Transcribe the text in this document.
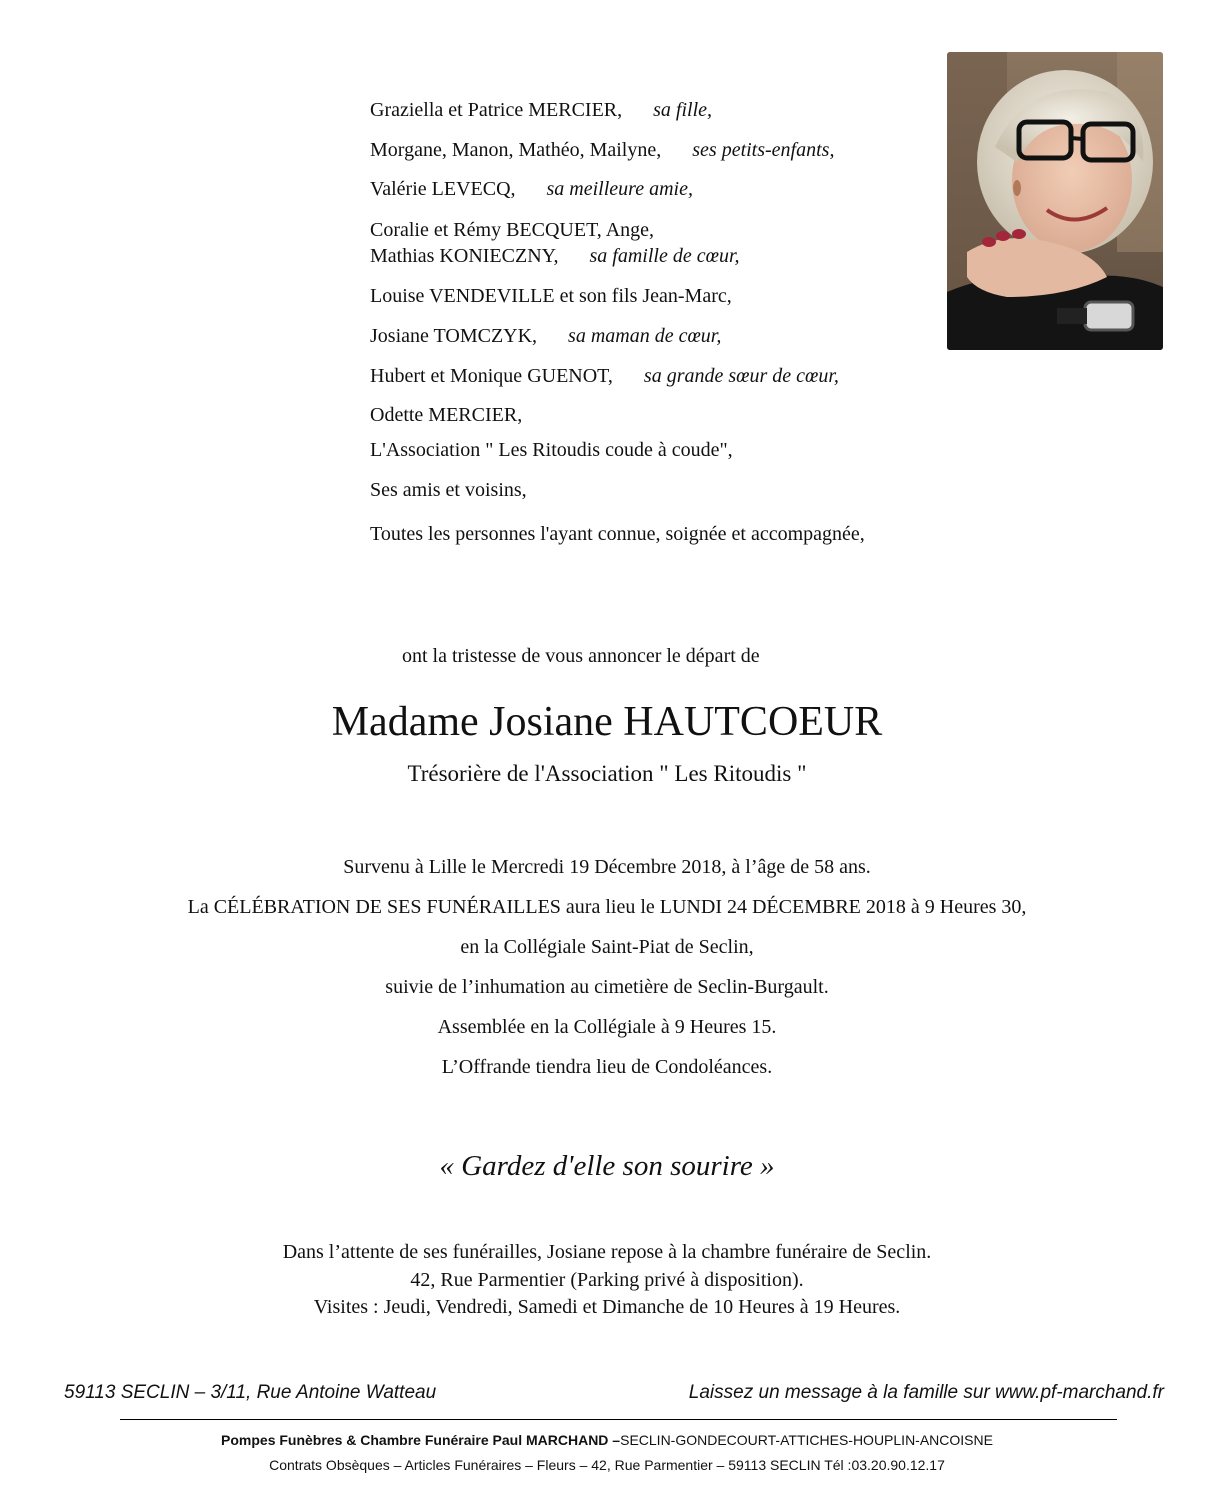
Graziella et Patrice MERCIER, sa fille,
Morgane, Manon, Mathéo, Mailyne, ses petits-enfants,
Valérie LEVECQ, sa meilleure amie,
Coralie et Rémy BECQUET, Ange,
Mathias KONIECZNY, sa famille de cœur,
Louise VENDEVILLE et son fils Jean-Marc,
Josiane TOMCZYK, sa maman de cœur,
Hubert et Monique GUENOT, sa grande sœur de cœur,
Odette MERCIER,
L'Association " Les Ritoudis coude à coude",
Ses amis et voisins,
Toutes les personnes l'ayant connue, soignée et accompagnée,
ont la tristesse de vous annoncer le départ de
Madame Josiane HAUTCOEUR
Trésorière de l'Association " Les Ritoudis "
Survenu à Lille le Mercredi 19 Décembre 2018, à l’âge de 58 ans.
La CÉLÉBRATION DE SES FUNÉRAILLES aura lieu le LUNDI 24 DÉCEMBRE 2018 à 9 Heures 30,
en la Collégiale Saint-Piat de Seclin,
suivie de l’inhumation au cimetière de Seclin-Burgault.
Assemblée en la Collégiale à 9 Heures 15.
L’Offrande tiendra lieu de Condoléances.
« Gardez d'elle son sourire »
Dans l’attente de ses funérailles, Josiane repose à la chambre funéraire de Seclin.
42, Rue Parmentier (Parking privé à disposition).
Visites : Jeudi, Vendredi, Samedi et Dimanche de 10 Heures à 19 Heures.
59113 SECLIN – 3/11, Rue Antoine Watteau	Laissez un message à la famille sur www.pf-marchand.fr
Pompes Funèbres & Chambre Funéraire Paul MARCHAND –SECLIN-GONDECOURT-ATTICHES-HOUPLIN-ANCOISNE
Contrats Obsèques – Articles Funéraires – Fleurs – 42, Rue Parmentier – 59113 SECLIN Tél :03.20.90.12.17
